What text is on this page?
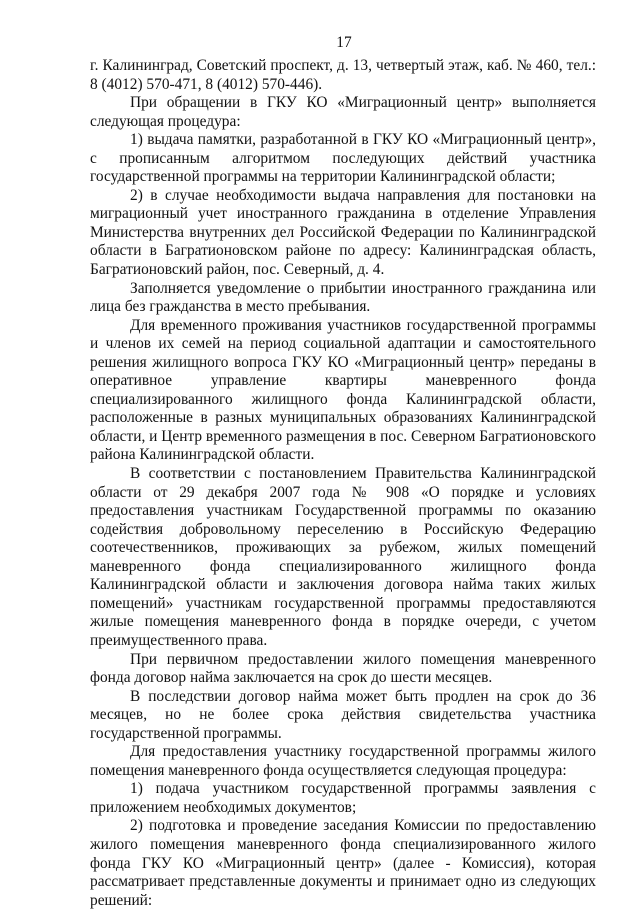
17

г. Калининград, Советский проспект, д. 13, четвертый этаж, каб. № 460, тел.: 8 (4012) 570-471, 8 (4012) 570-446).

При обращении в ГКУ КО «Миграционный центр» выполняется следующая процедура:

1) выдача памятки, разработанной в ГКУ КО «Миграционный центр», с прописанным алгоритмом последующих действий участника государственной программы на территории Калининградской области;

2) в случае необходимости выдача направления для постановки на миграционный учет иностранного гражданина в отделение Управления Министерства внутренних дел Российской Федерации по Калининградской области в Багратионовском районе по адресу: Калининградская область, Багратионовский район, пос. Северный, д. 4.

Заполняется уведомление о прибытии иностранного гражданина или лица без гражданства в место пребывания.

Для временного проживания участников государственной программы и членов их семей на период социальной адаптации и самостоятельного решения жилищного вопроса ГКУ КО «Миграционный центр» переданы в оперативное управление квартиры маневренного фонда специализированного жилищного фонда Калининградской области, расположенные в разных муниципальных образованиях Калининградской области, и Центр временного размещения в пос. Северном Багратионовского района Калининградской области.

В соответствии с постановлением Правительства Калининградской области от 29 декабря 2007 года № 908 «О порядке и условиях предоставления участникам Государственной программы по оказанию содействия добровольному переселению в Российскую Федерацию соотечественников, проживающих за рубежом, жилых помещений маневренного фонда специализированного жилищного фонда Калининградской области и заключения договора найма таких жилых помещений» участникам государственной программы предоставляются жилые помещения маневренного фонда в порядке очереди, с учетом преимущественного права.

При первичном предоставлении жилого помещения маневренного фонда договор найма заключается на срок до шести месяцев.

В последствии договор найма может быть продлен на срок до 36 месяцев, но не более срока действия свидетельства участника государственной программы.

Для предоставления участнику государственной программы жилого помещения маневренного фонда осуществляется следующая процедура:

1) подача участником государственной программы заявления с приложением необходимых документов;

2) подготовка и проведение заседания Комиссии по предоставлению жилого помещения маневренного фонда специализированного жилого фонда ГКУ КО «Миграционный центр» (далее - Комиссия), которая рассматривает представленные документы и принимает одно из следующих решений:
